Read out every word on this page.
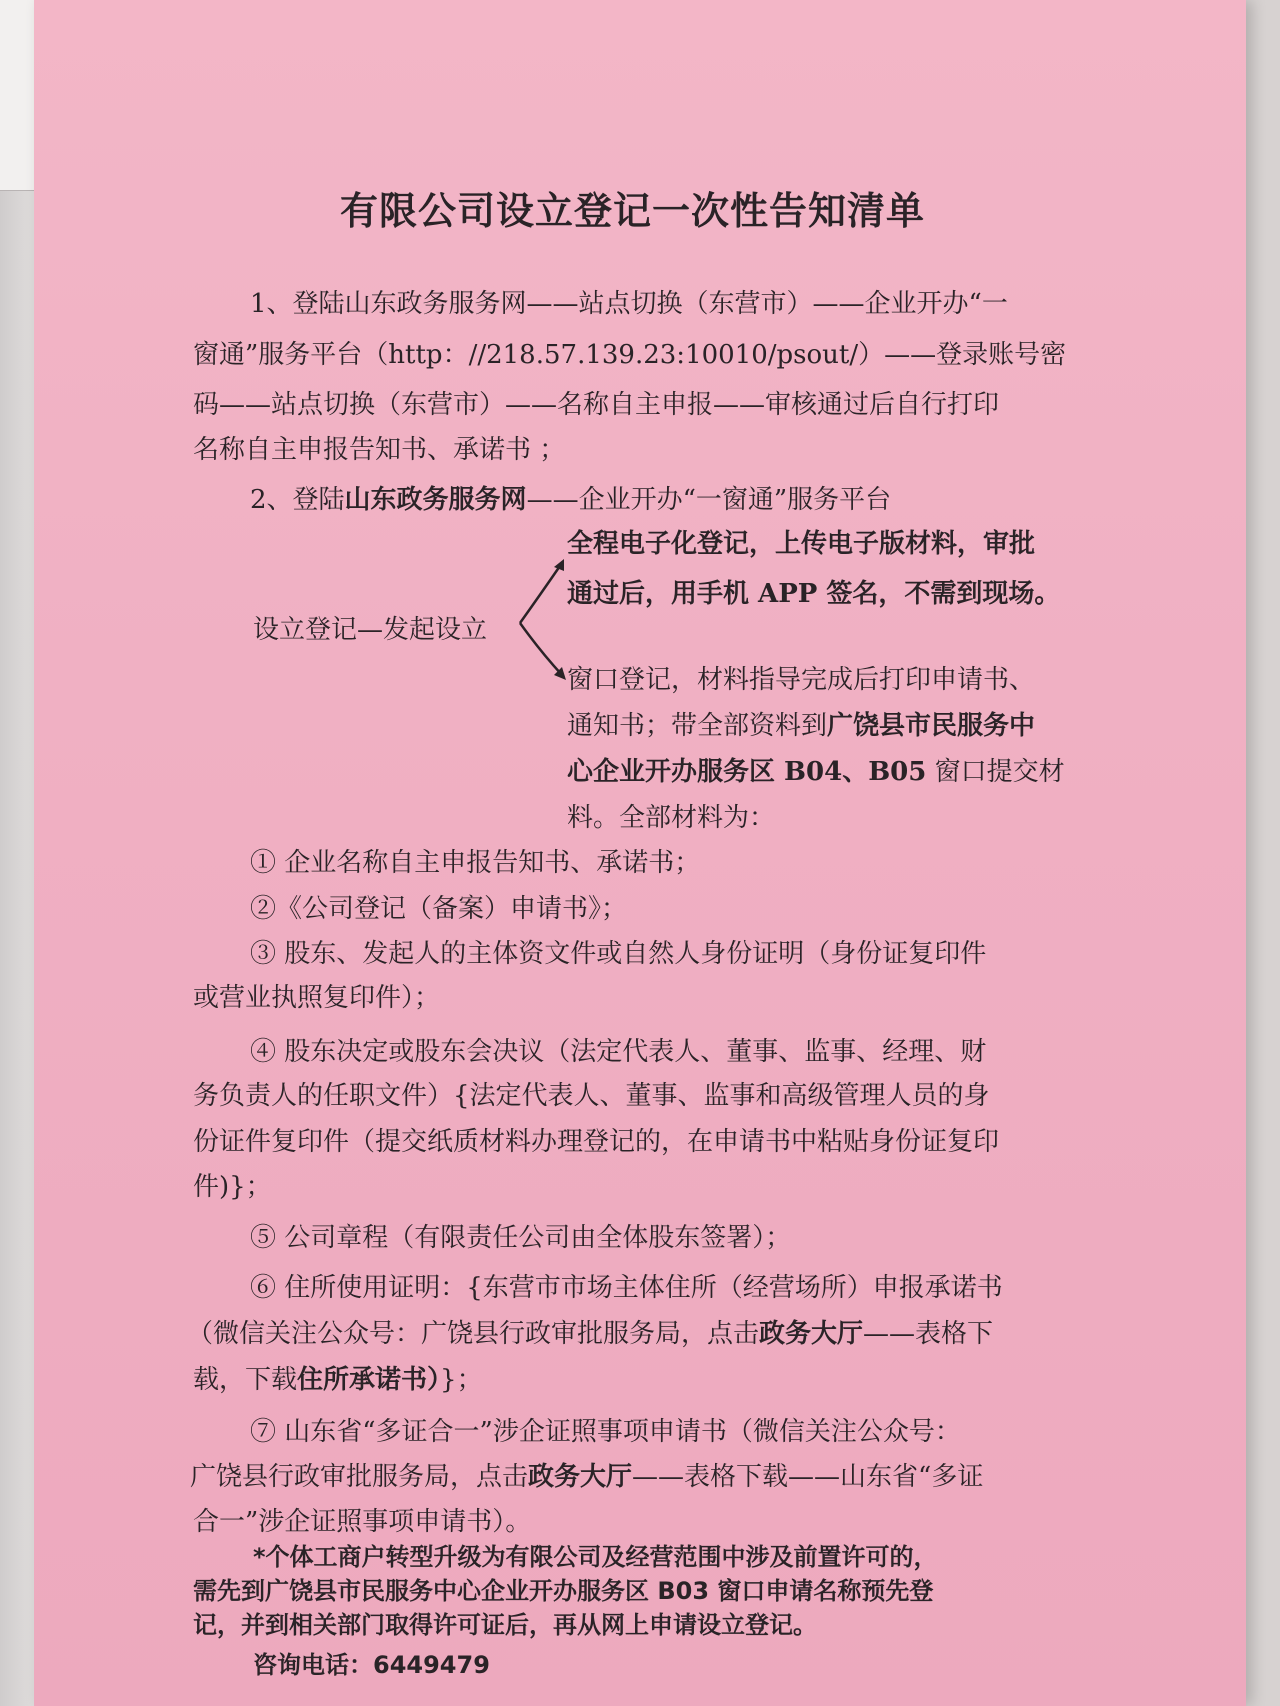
有限公司设立登记一次性告知清单
1、登陆山东政务服务网——站点切换（东营市）——企业开办“一
窗通”服务平台（http：//218.57.139.23:10010/psout/）——登录账号密
码——站点切换（东营市）——名称自主申报——审核通过后自行打印
名称自主申报告知书、承诺书 ；
2、登陆山东政务服务网——企业开办“一窗通”服务平台
全程电子化登记，上传电子版材料，审批
通过后，用手机 APP 签名，不需到现场。
设立登记—发起设立
窗口登记，材料指导完成后打印申请书、
通知书；带全部资料到广饶县市民服务中
心企业开办服务区 B04、B05 窗口提交材
料。全部材料为：
① 企业名称自主申报告知书、承诺书；
②《公司登记（备案）申请书》；
③ 股东、发起人的主体资文件或自然人身份证明（身份证复印件
或营业执照复印件）；
④ 股东决定或股东会决议（法定代表人、董事、监事、经理、财
务负责人的任职文件）{法定代表人、董事、监事和高级管理人员的身
份证件复印件（提交纸质材料办理登记的，在申请书中粘贴身份证复印
件)}；
⑤ 公司章程（有限责任公司由全体股东签署）；
⑥ 住所使用证明：{东营市市场主体住所（经营场所）申报承诺书
（微信关注公众号：广饶县行政审批服务局，点击政务大厅——表格下
载，下载住所承诺书）}；
⑦ 山东省“多证合一”涉企证照事项申请书（微信关注公众号：
广饶县行政审批服务局，点击政务大厅——表格下载——山东省“多证
合一”涉企证照事项申请书）。
*个体工商户转型升级为有限公司及经营范围中涉及前置许可的，
需先到广饶县市民服务中心企业开办服务区 B03 窗口申请名称预先登
记，并到相关部门取得许可证后，再从网上申请设立登记。
咨询电话：6449479
